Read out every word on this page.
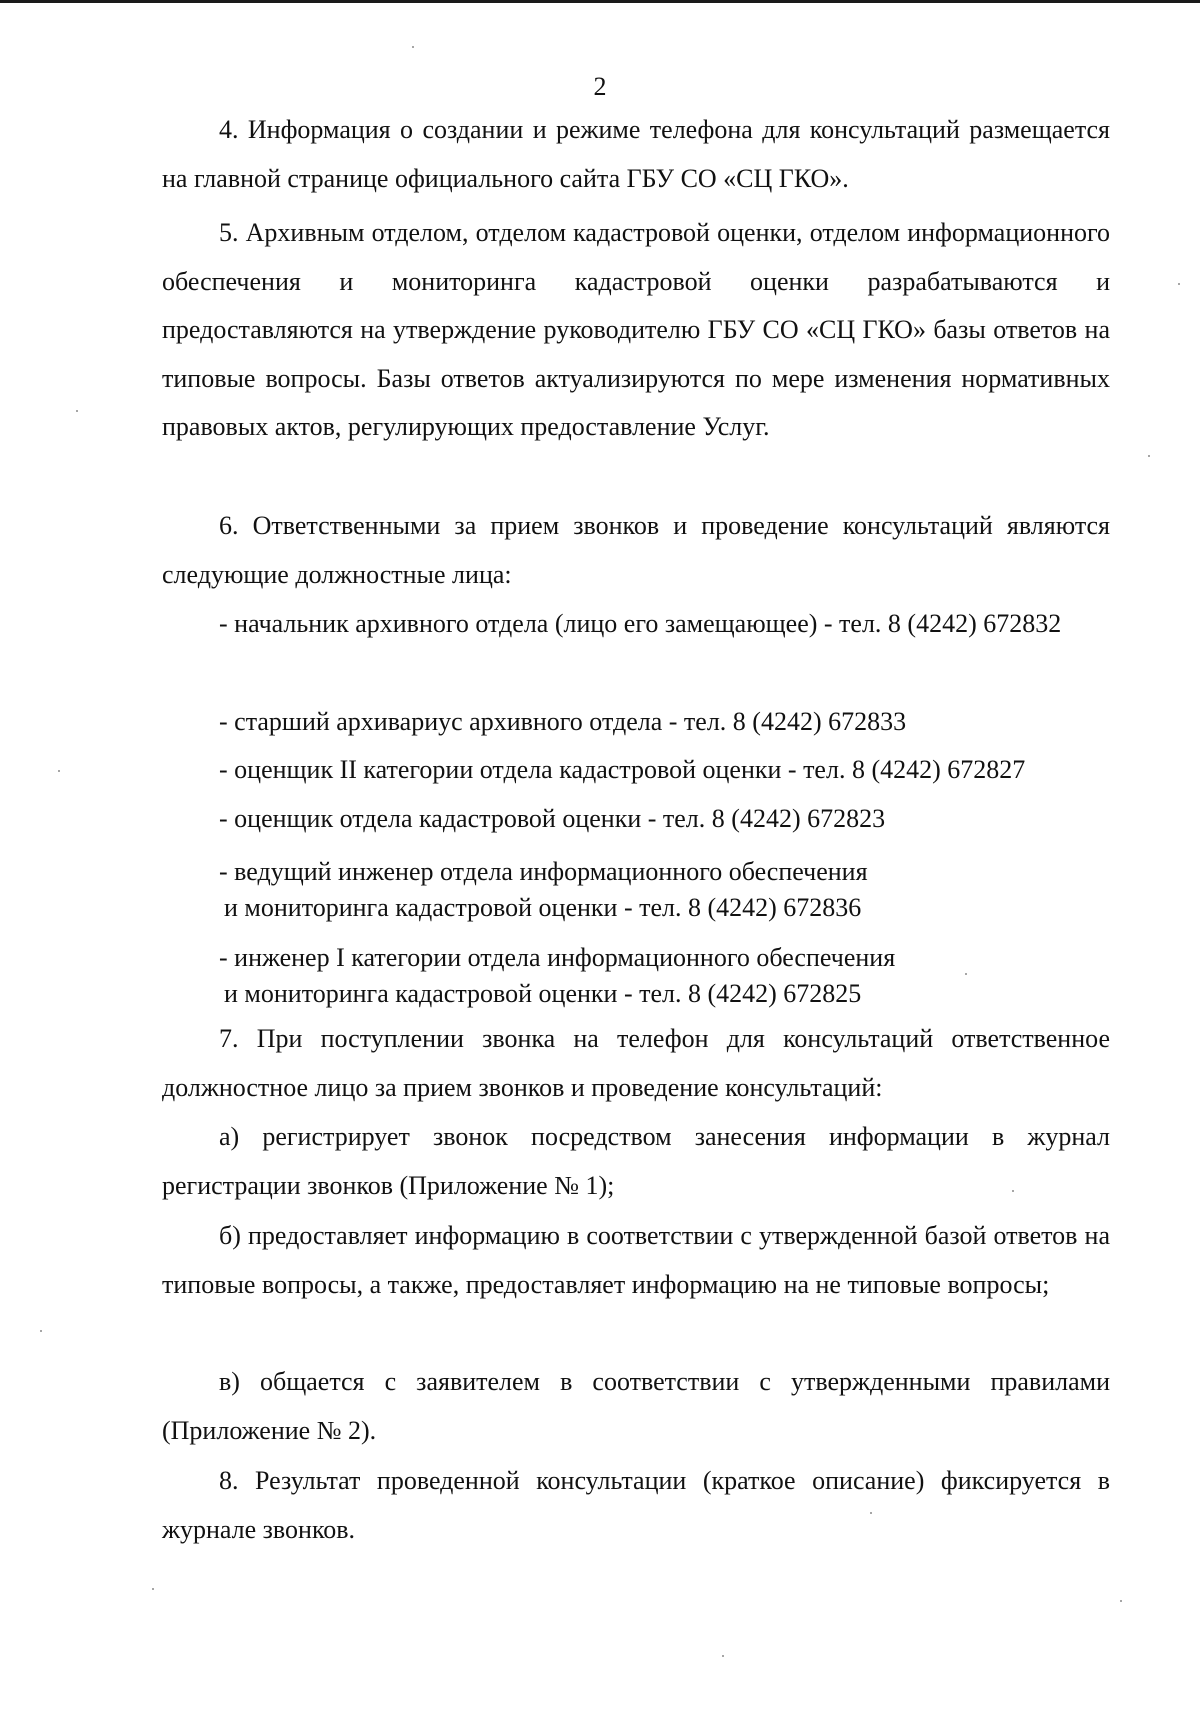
2

4. Информация о создании и режиме телефона для консультаций размещается на главной странице официального сайта ГБУ СО «СЦ ГКО».

5. Архивным отделом, отделом кадастровой оценки, отделом информационного обеспечения и мониторинга кадастровой оценки разрабатываются и предоставляются на утверждение руководителю ГБУ СО «СЦ ГКО» базы ответов на типовые вопросы. Базы ответов актуализируются по мере изменения нормативных правовых актов, регулирующих предоставление Услуг.

6. Ответственными за прием звонков и проведение консультаций являются следующие должностные лица:

- начальник архивного отдела (лицо его замещающее) - тел. 8 (4242) 672832

- старший архивариус архивного отдела - тел. 8 (4242) 672833

- оценщик II категории отдела кадастровой оценки - тел. 8 (4242) 672827

- оценщик отдела кадастровой оценки - тел. 8 (4242) 672823

- ведущий инженер отдела информационного обеспечения

и мониторинга кадастровой оценки - тел. 8 (4242) 672836

- инженер I категории отдела информационного обеспечения

и мониторинга кадастровой оценки - тел. 8 (4242) 672825

7. При поступлении звонка на телефон для консультаций ответственное должностное лицо за прием звонков и проведение консультаций:

а) регистрирует звонок посредством занесения информации в журнал регистрации звонков (Приложение № 1);

б) предоставляет информацию в соответствии с утвержденной базой ответов на типовые вопросы, а также, предоставляет информацию на не типовые вопросы;

в) общается с заявителем в соответствии с утвержденными правилами (Приложение № 2).

8. Результат проведенной консультации (краткое описание) фиксируется в журнале звонков.
